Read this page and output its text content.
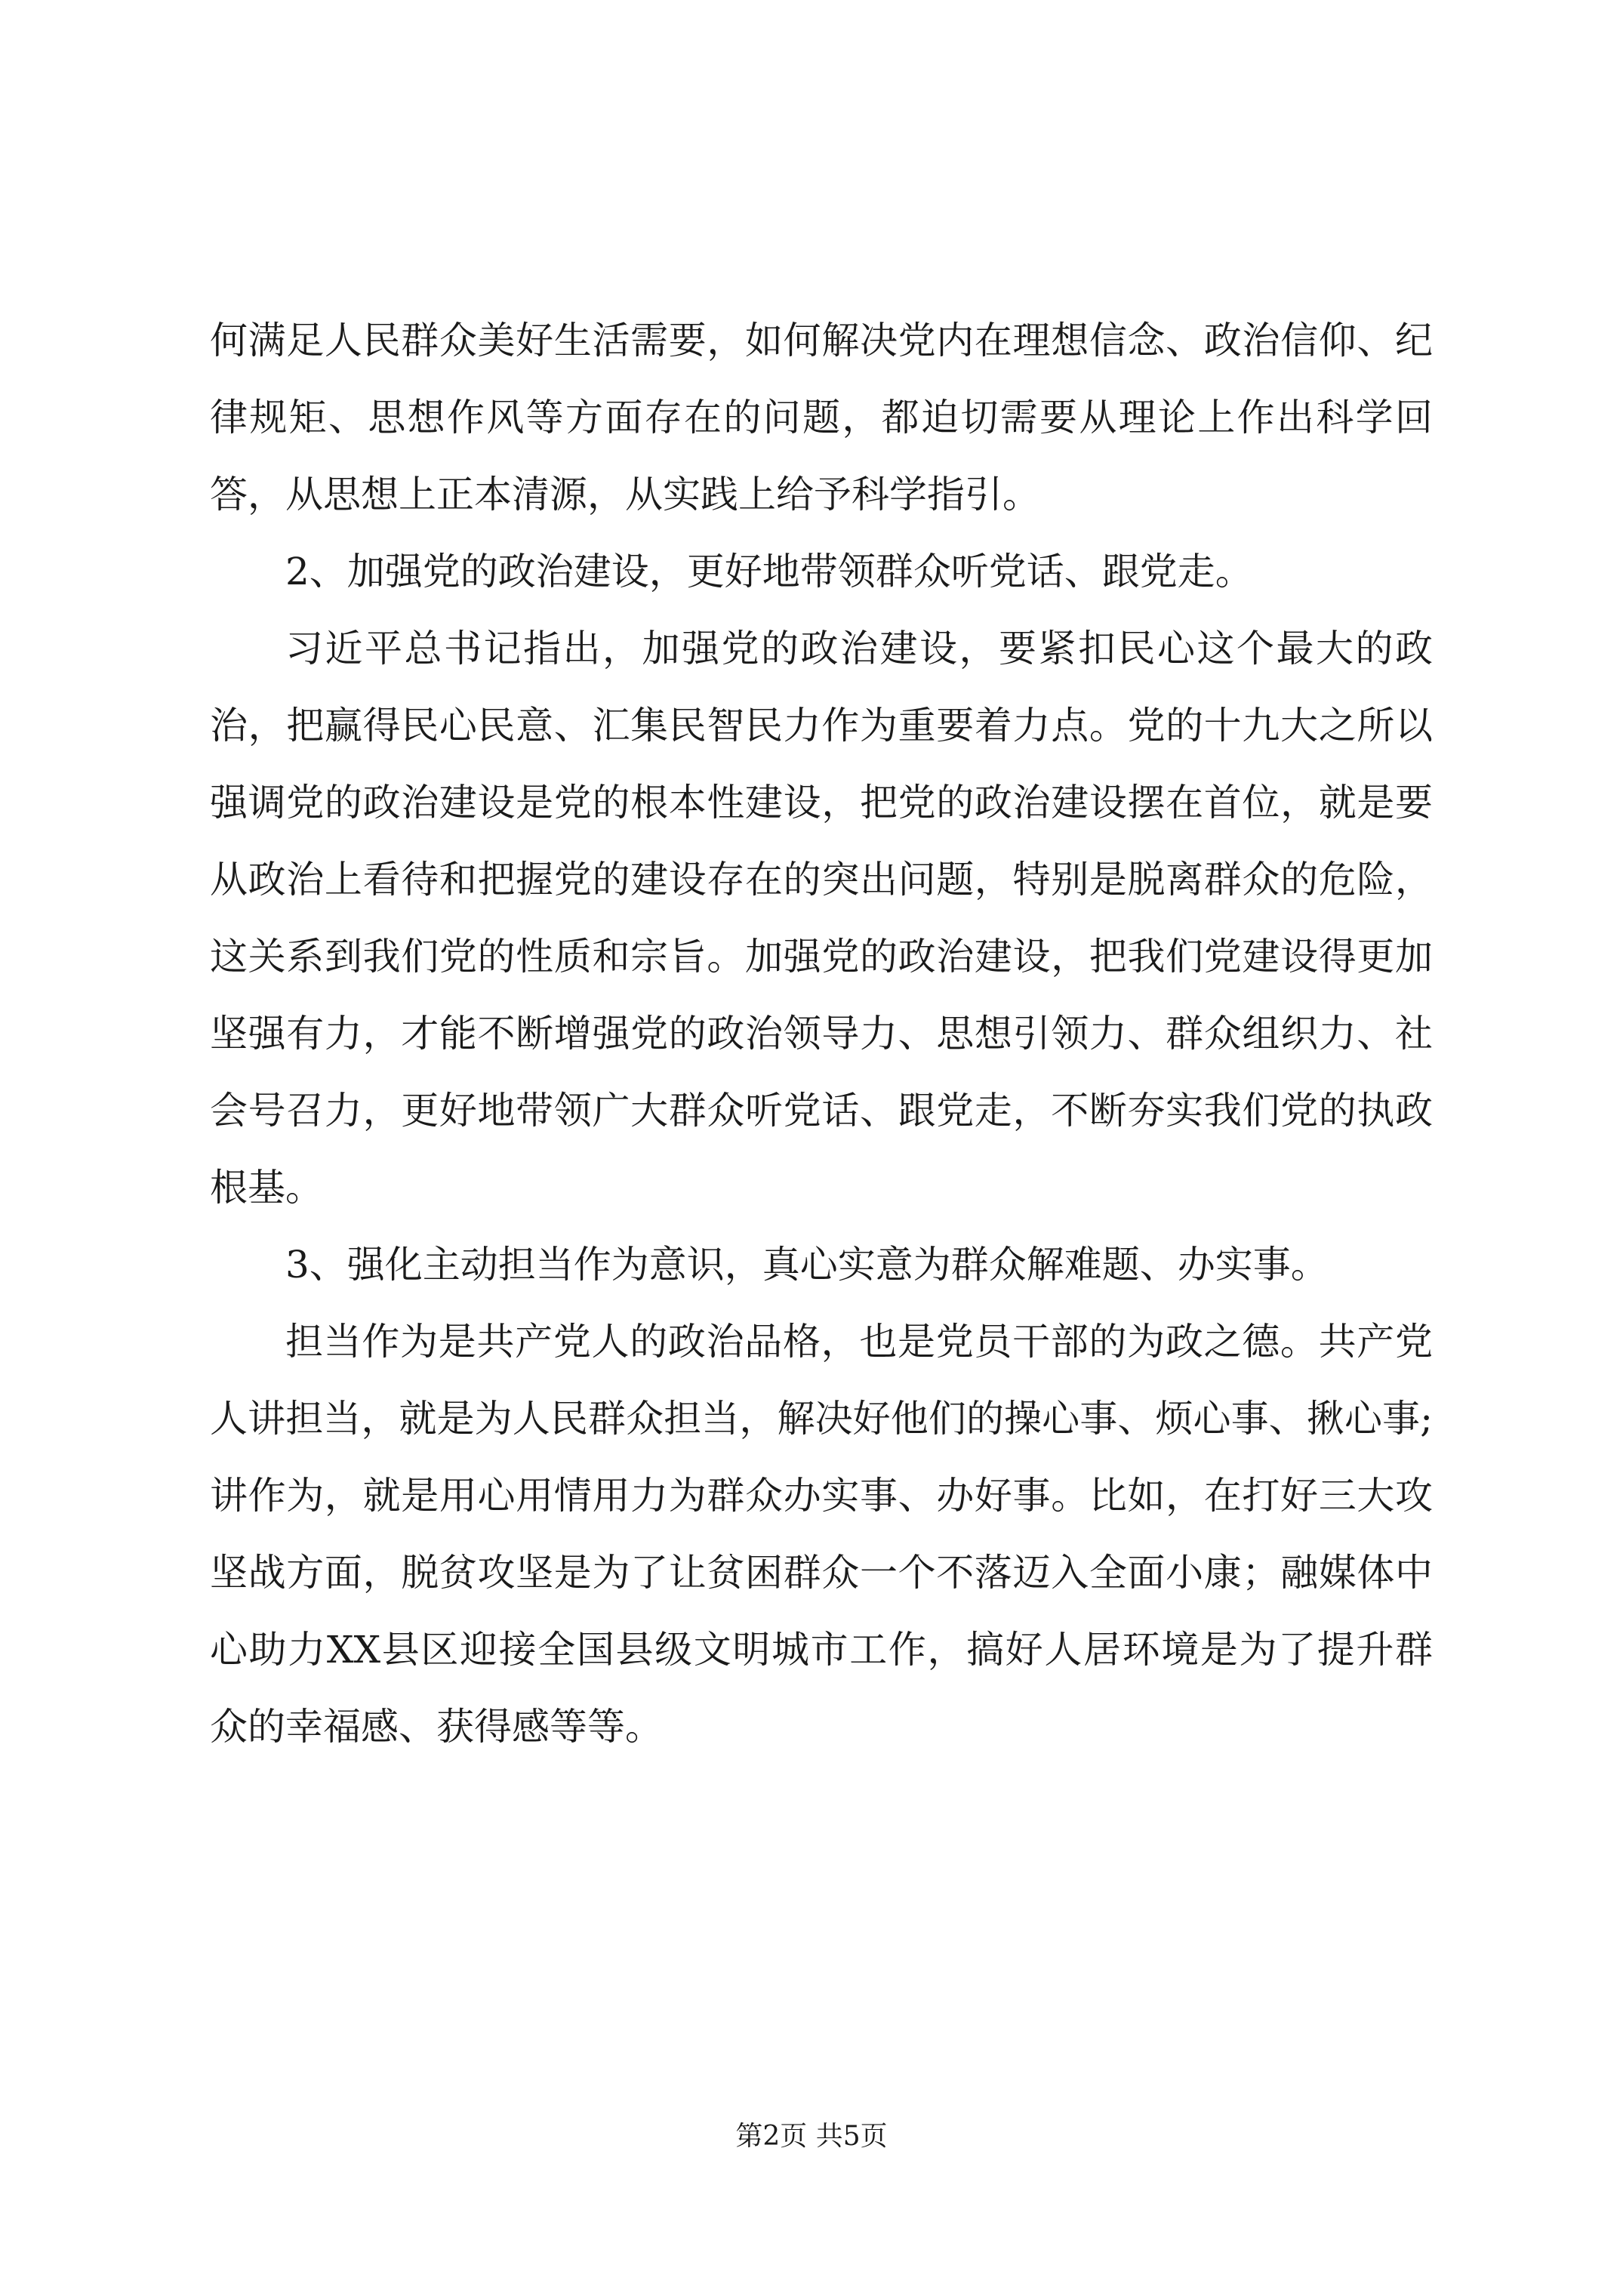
何满足人民群众美好生活需要，如何解决党内在理想信念、政治信仰、纪律规矩、思想作风等方面存在的问题，都迫切需要从理论上作出科学回答，从思想上正本清源，从实践上给予科学指引。

2、加强党的政治建设，更好地带领群众听党话、跟党走。

习近平总书记指出，加强党的政治建设，要紧扣民心这个最大的政治，把赢得民心民意、汇集民智民力作为重要着力点。党的十九大之所以强调党的政治建设是党的根本性建设，把党的政治建设摆在首位，就是要从政治上看待和把握党的建设存在的突出问题，特别是脱离群众的危险，这关系到我们党的性质和宗旨。加强党的政治建设，把我们党建设得更加坚强有力，才能不断增强党的政治领导力、思想引领力、群众组织力、社会号召力，更好地带领广大群众听党话、跟党走，不断夯实我们党的执政根基。

3、强化主动担当作为意识，真心实意为群众解难题、办实事。

担当作为是共产党人的政治品格，也是党员干部的为政之德。共产党人讲担当，就是为人民群众担当，解决好他们的操心事、烦心事、揪心事;讲作为，就是用心用情用力为群众办实事、办好事。比如，在打好三大攻坚战方面，脱贫攻坚是为了让贫困群众一个不落迈入全面小康；融媒体中心助力XX县区迎接全国县级文明城市工作，搞好人居环境是为了提升群众的幸福感、获得感等等。

第2页 共5页
